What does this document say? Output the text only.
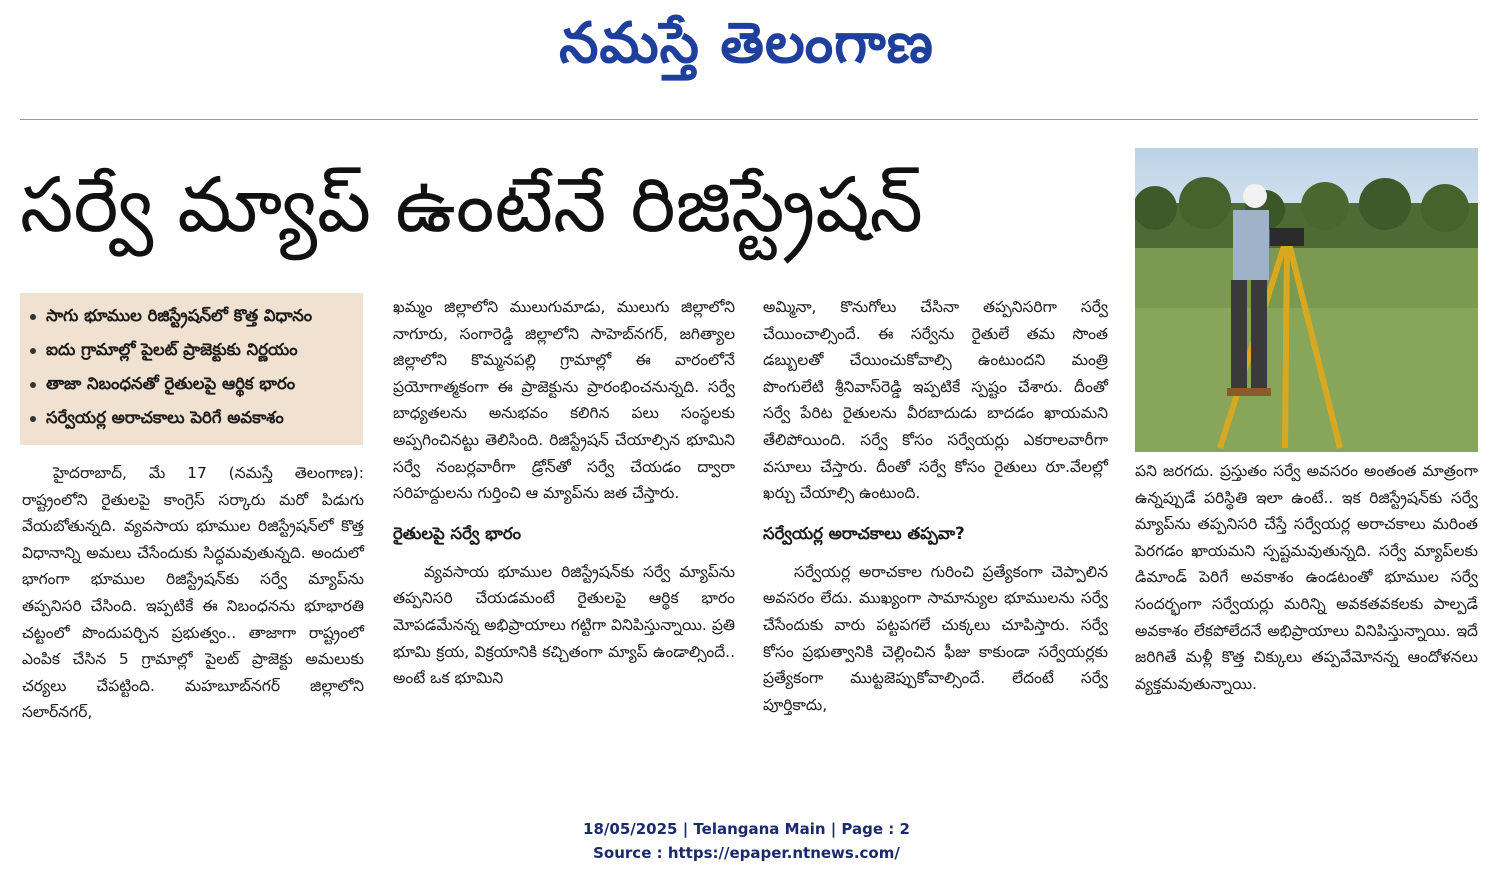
నమస్తే తెలంగాణ
సర్వే మ్యాప్ ఉంటేనే రిజిస్ట్రేషన్
సాగు భూముల రిజిస్ట్రేషన్‌లో కొత్త విధానం
ఐదు గ్రామాల్లో పైలట్ ప్రాజెక్టుకు నిర్ణయం
తాజా నిబంధనతో రైతులపై ఆర్థిక భారం
సర్వేయర్ల అరాచకాలు పెరిగే అవకాశం

హైదరాబాద్, మే 17 (నమస్తే తెలంగాణ): రాష్ట్రంలోని రైతులపై కాంగ్రెస్ సర్కారు మరో పిడుగు వేయబోతున్నది. వ్యవసాయ భూముల రిజిస్ట్రేషన్‌లో కొత్త విధానాన్ని అమలు చేసేందుకు సిద్ధమవుతున్నది. అందులో భాగంగా భూముల రిజిస్ట్రేషన్‌కు సర్వే మ్యాప్‌ను తప్పనిసరి చేసింది. ఇప్పటికే ఈ నిబంధనను భూభారతి చట్టంలో పొందుపర్చిన ప్రభుత్వం.. తాజాగా రాష్ట్రంలో ఎంపిక చేసిన 5 గ్రామాల్లో పైలట్ ప్రాజెక్టు అమలుకు చర్యలు చేపట్టింది. మహబూబ్‌నగర్ జిల్లాలోని సలార్‌నగర్,

ఖమ్మం జిల్లాలోని ములుగుమాడు, ములుగు జిల్లాలోని నాగూరు, సంగారెడ్డి జిల్లాలోని సాహెబ్‌నగర్, జగిత్యాల జిల్లాలోని కొమ్మనపల్లి గ్రామాల్లో ఈ వారంలోనే ప్రయోగాత్మకంగా ఈ ప్రాజెక్టును ప్రారంభించనున్నది. సర్వే బాధ్యతలను అనుభవం కలిగిన పలు సంస్థలకు అప్పగించినట్టు తెలిసింది. రిజిస్ట్రేషన్ చేయాల్సిన భూమిని సర్వే నంబర్లవారీగా డ్రోన్‌తో సర్వే చేయడం ద్వారా సరిహద్దులను గుర్తించి ఆ మ్యాప్‌ను జత చేస్తారు.

రైతులపై సర్వే భారం

వ్యవసాయ భూముల రిజిస్ట్రేషన్‌కు సర్వే మ్యాప్‌ను తప్పనిసరి చేయడమంటే రైతులపై ఆర్థిక భారం మోపడమేనన్న అభిప్రాయాలు గట్టిగా వినిపిస్తున్నాయి. ప్రతి భూమి క్రయ, విక్రయానికి కచ్చితంగా మ్యాప్ ఉండాల్సిందే.. అంటే ఒక భూమిని

అమ్మినా, కొనుగోలు చేసినా తప్పనిసరిగా సర్వే చేయించాల్సిందే. ఈ సర్వేను రైతులే తమ సొంత డబ్బులతో చేయించుకోవాల్సి ఉంటుందని మంత్రి పొంగులేటి శ్రీనివాస్‌రెడ్డి ఇప్పటికే స్పష్టం చేశారు. దీంతో సర్వే పేరిట రైతులను వీరబాదుడు బాదడం ఖాయమని తేలిపోయింది. సర్వే కోసం సర్వేయర్లు ఎకరాలవారీగా వసూలు చేస్తారు. దీంతో సర్వే కోసం రైతులు రూ.వేలల్లో ఖర్చు చేయాల్సి ఉంటుంది.

సర్వేయర్ల అరాచకాలు తప్పవా?

సర్వేయర్ల అరాచకాల గురించి ప్రత్యేకంగా చెప్పాలిన అవసరం లేదు. ముఖ్యంగా సామాన్యుల భూములను సర్వే చేసేందుకు వారు పట్టపగలే చుక్కలు చూపిస్తారు. సర్వే కోసం ప్రభుత్వానికి చెల్లించిన ఫీజు కాకుండా సర్వేయర్లకు ప్రత్యేకంగా ముట్టజెప్పుకోవాల్సిందే. లేదంటే సర్వే పూర్తికాదు,

పని జరగదు. ప్రస్తుతం సర్వే అవసరం అంతంత మాత్రంగా ఉన్నప్పుడే పరిస్థితి ఇలా ఉంటే.. ఇక రిజిస్ట్రేషన్‌కు సర్వే మ్యాప్‌ను తప్పనిసరి చేస్తే సర్వేయర్ల అరాచకాలు మరింత పెరగడం ఖాయమని స్పష్టమవుతున్నది. సర్వే మ్యాప్‌లకు డిమాండ్ పెరిగే అవకాశం ఉండటంతో భూముల సర్వే సందర్భంగా సర్వేయర్లు మరిన్ని అవకతవకలకు పాల్పడే అవకాశం లేకపోలేదనే అభిప్రాయాలు వినిపిస్తున్నాయి. ఇదే జరిగితే మళ్లీ కొత్త చిక్కులు తప్పవేమోనన్న ఆందోళనలు వ్యక్తమవుతున్నాయి.

18/05/2025 | Telangana Main | Page : 2
Source : https://epaper.ntnews.com/
